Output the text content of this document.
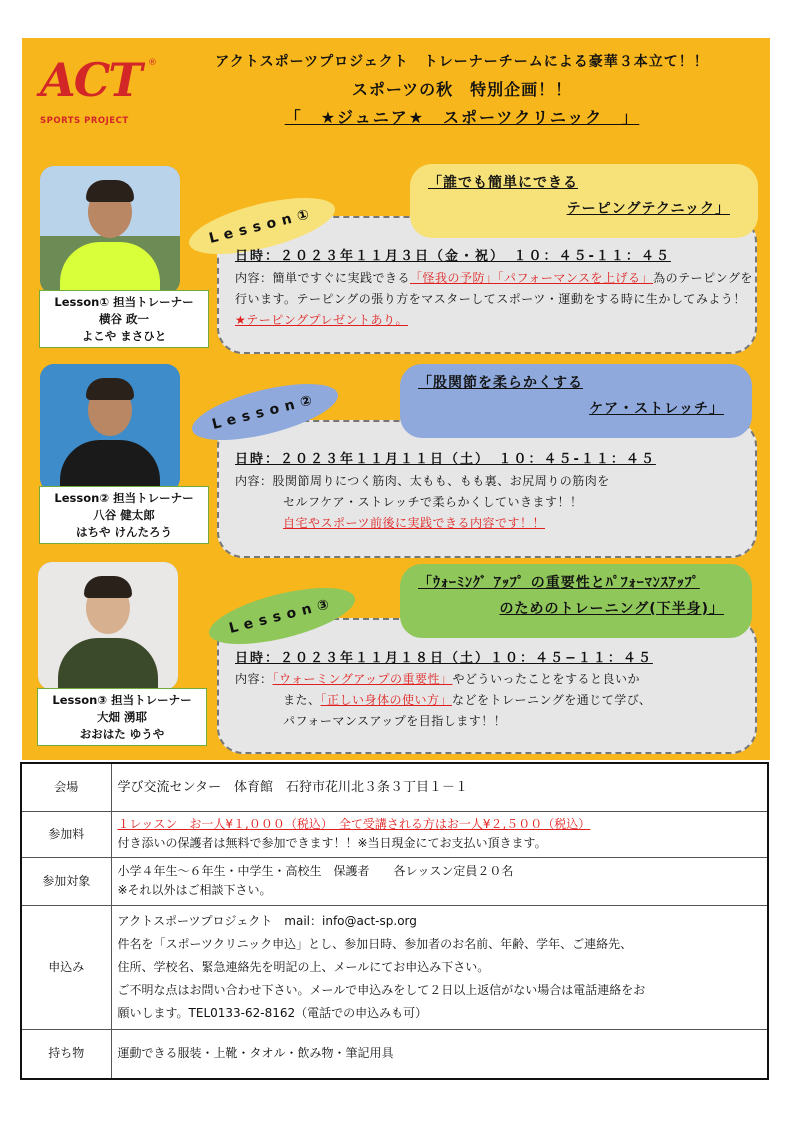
ACT ®
SPORTS PROJECT
アクトスポーツプロジェクト　トレーナーチームによる豪華３本立て！！
スポーツの秋　特別企画！！
「　★ジュニア★　スポーツクリニック　」
Lesson①
「誰でも簡単にできる
テーピングテクニック」
日時：２０２３年１１月３日（金・祝）　１０：４５-１１：４５
内容：簡単ですぐに実践できる「怪我の予防」「パフォーマンスを上げる」為のテーピングを行います。テーピングの張り方をマスターしてスポーツ・運動をする時に生かしてみよう！★テーピングプレゼントあり。
Lesson① 担当トレーナー
横谷 政一
よこや まさひと
Lesson②
「股関節を柔らかくする
ケア・ストレッチ」
日時：２０２３年１１月１１日（土）　１０：４５-１１：４５
内容：股関節周りにつく筋肉、太もも、もも裏、お尻周りの筋肉を
セルフケア・ストレッチで柔らかくしていきます！！
自宅やスポーツ前後に実践できる内容です！！
Lesson② 担当トレーナー
八谷 健太郎
はちや けんたろう
Lesson③
「ｳｫｰﾐﾝｸﾞ ｱｯﾌﾟ の重要性とﾊﾟﾌｫｰﾏﾝｽｱｯﾌﾟ
のためのトレーニング(下半身)」
日時：２０２３年１１月１８日（土）１０：４５−１１：４５
内容：「ウォーミングアップの重要性」やどういったことをすると良いか
また、「正しい身体の使い方」などをトレーニングを通じて学び、
パフォーマンスアップを目指します！！
Lesson③ 担当トレーナー
大畑 湧耶
おおはた ゆうや
会場	学び交流センター　体育館　石狩市花川北３条３丁目１－１
参加料	１レッスン　お一人¥１,０００（税込）　全て受講される方はお一人¥２,５００（税込）
付き添いの保護者は無料で参加できます！！※当日現金にてお支払い頂きます。

参加対象	小学４年生～６年生・中学生・高校生　保護者　　各レッスン定員２０名
※それ以外はご相談下さい。

申込み	アクトスポーツプロジェクト　mail：info@act-sp.org
件名を「スポーツクリニック申込」とし、参加日時、参加者のお名前、年齢、学年、ご連絡先、
住所、学校名、緊急連絡先を明記の上、メールにてお申込み下さい。
ご不明な点はお問い合わせ下さい。メールで申込みをして２日以上返信がない場合は電話連絡をお
願いします。TEL0133-62-8162（電話での申込みも可）

持ち物	運動できる服装・上靴・タオル・飲み物・筆記用具
